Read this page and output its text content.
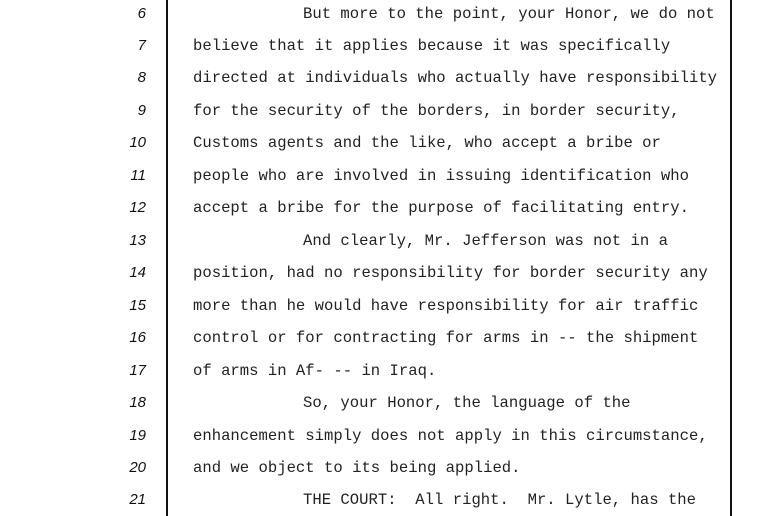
6	But more to the point, your Honor, we do not
7	believe that it applies because it was specifically
8	directed at individuals who actually have responsibility
9	for the security of the borders, in border security,
10	Customs agents and the like, who accept a bribe or
11	people who are involved in issuing identification who
12	accept a bribe for the purpose of facilitating entry.
13	And clearly, Mr. Jefferson was not in a
14	position, had no responsibility for border security any
15	more than he would have responsibility for air traffic
16	control or for contracting for arms in -- the shipment
17	of arms in Af- -- in Iraq.
18	So, your Honor, the language of the
19	enhancement simply does not apply in this circumstance,
20	and we object to its being applied.
21	THE COURT:  All right.  Mr. Lytle, has the
